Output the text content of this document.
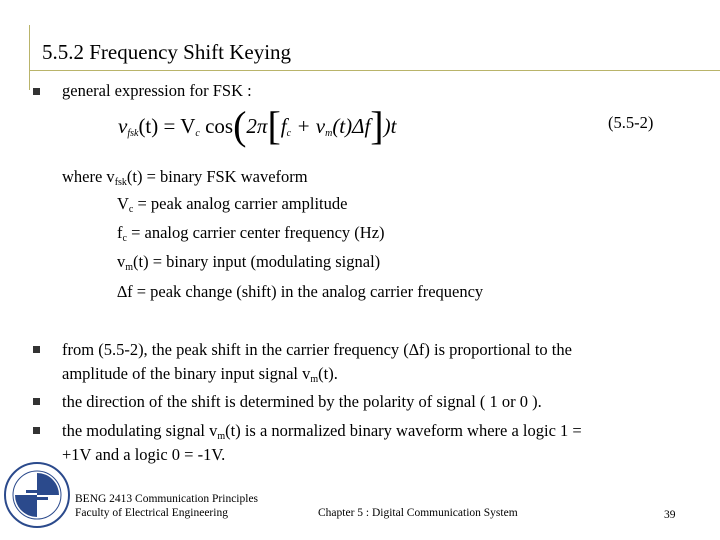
5.5.2 Frequency Shift Keying
general expression for FSK :
$v_{fsk}(t) = V_c$ $\cos(2\pi[f_c + v_m(t)\Delta f])t$	(5.5-2)
where $v_{fsk}(t)$ = binary FSK waveform
$V_c$ = peak analog carrier amplitude
$f_c = analog$ carrier center frequency (Hz)
$v_m(t)$ = binary input (modulating signal)
∆f = peak change (shift) in the analog carrier frequency
from (5.5-2), the peak shift in the carrier frequency (∆f) is proportional to the
amplitude of the binary input signal $v_m(t)$.
the direction of the shift is determined by the polarity of signal ( 1 or 0 ).
the modulating signal $v_m(t)$ is a normalized binary waveform where a logic 1 =
+1V and a logic 0 = -1V.
BENG 2413 Communication Principles
Faculty of Electrical Engineering	Chapter 5 : Digital Communication System	39
